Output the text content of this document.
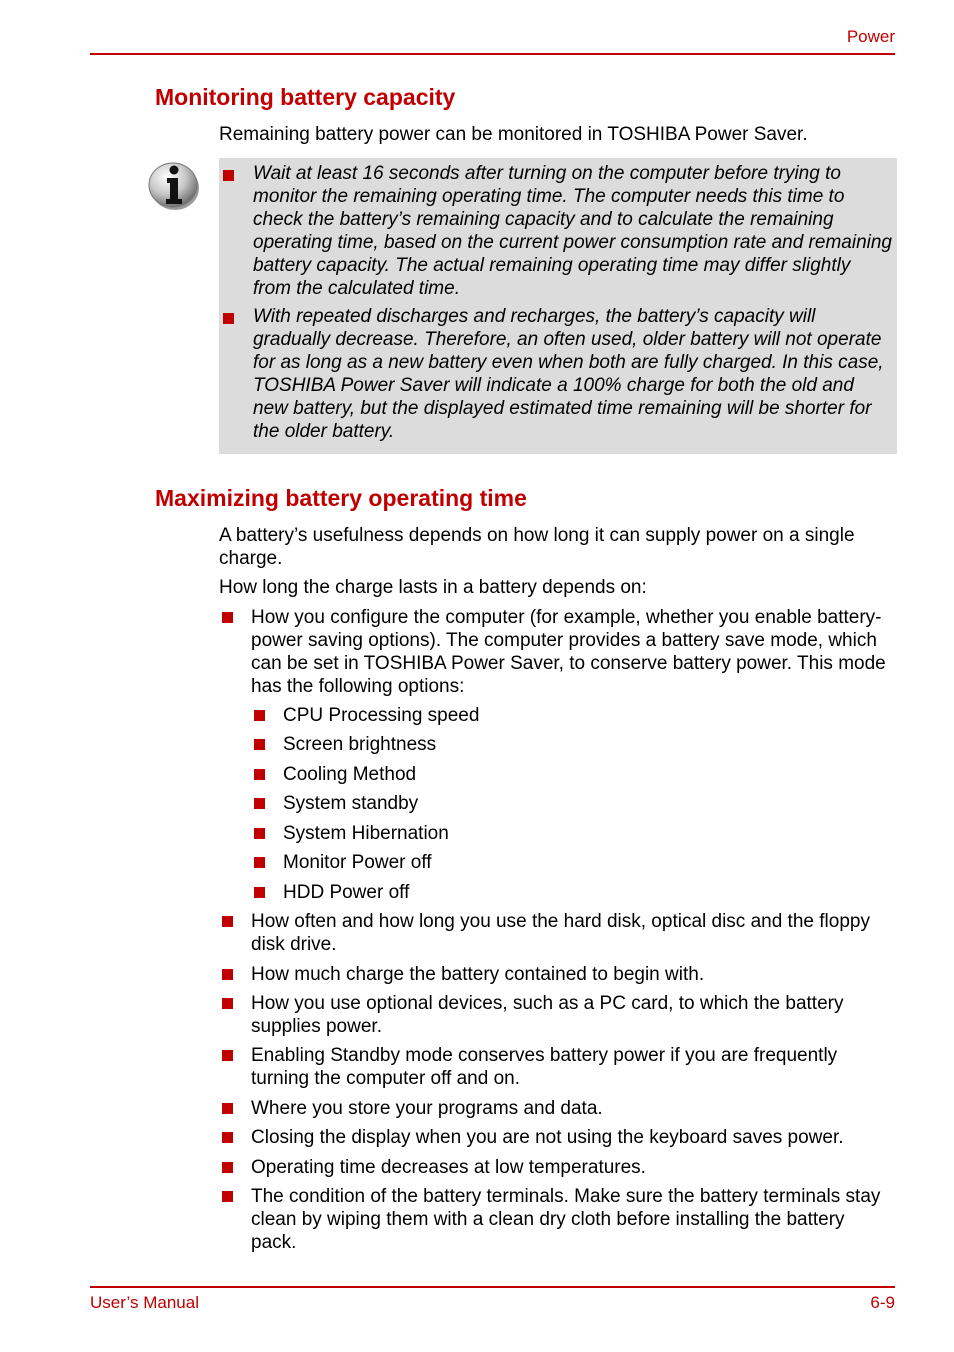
Power
Monitoring battery capacity

Remaining battery power can be monitored in TOSHIBA Power Saver.

Wait at least 16 seconds after turning on the computer before trying to monitor the remaining operating time. The computer needs this time to check the battery’s remaining capacity and to calculate the remaining operating time, based on the current power consumption rate and remaining battery capacity. The actual remaining operating time may differ slightly from the calculated time.
With repeated discharges and recharges, the battery’s capacity will gradually decrease. Therefore, an often used, older battery will not operate for as long as a new battery even when both are fully charged. In this case, TOSHIBA Power Saver will indicate a 100% charge for both the old and new battery, but the displayed estimated time remaining will be shorter for the older battery.
Maximizing battery operating time

A battery’s usefulness depends on how long it can supply power on a single charge.

How long the charge lasts in a battery depends on:

How you configure the computer (for example, whether you enable battery-power saving options). The computer provides a battery save mode, which can be set in TOSHIBA Power Saver, to conserve battery power. This mode has the following options:
CPU Processing speed
Screen brightness
Cooling Method
System standby
System Hibernation
Monitor Power off
HDD Power off
How often and how long you use the hard disk, optical disc and the floppy disk drive.
How much charge the battery contained to begin with.
How you use optional devices, such as a PC card, to which the battery supplies power.
Enabling Standby mode conserves battery power if you are frequently turning the computer off and on.
Where you store your programs and data.
Closing the display when you are not using the keyboard saves power.
Operating time decreases at low temperatures.
The condition of the battery terminals. Make sure the battery terminals stay clean by wiping them with a clean dry cloth before installing the battery pack.
User’s Manual	6-9
